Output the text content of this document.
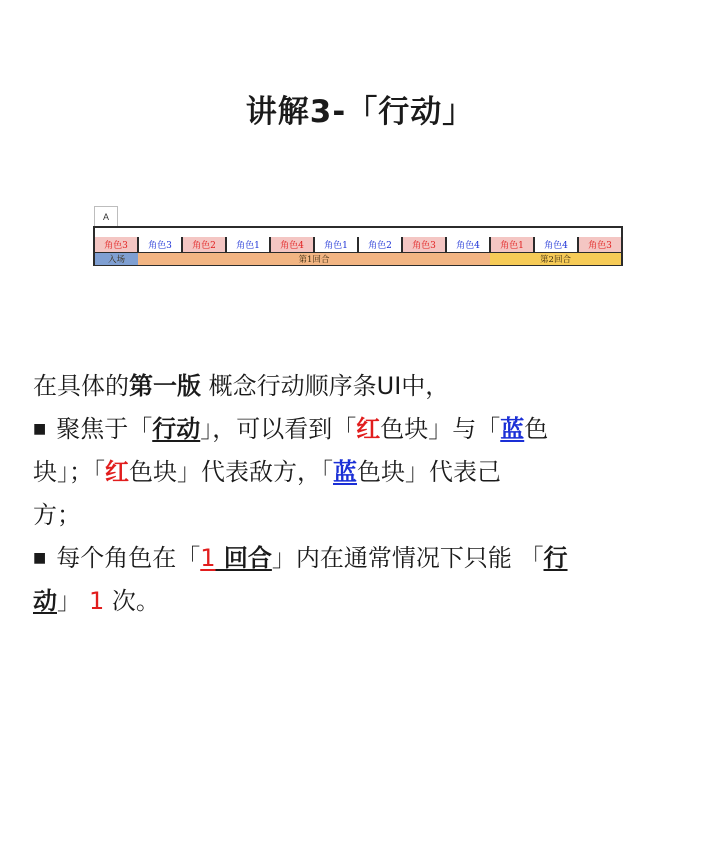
讲解3-「行动」
A
角色3	角色3	角色2	角色1	角色4	角色1	角色2	角色3	角色4	角色1	角色4	角色3
入场	第1回合	第2回合
在具体的第一版 概念行动顺序条UI中，
■ 聚焦于「行动」，可以看到「红色块」与「蓝色
块」；「红色块」代表敌方，「蓝色块」代表己
方；
■ 每个角色在「1 回合」内在通常情况下只能 「行
动」 1 次。
